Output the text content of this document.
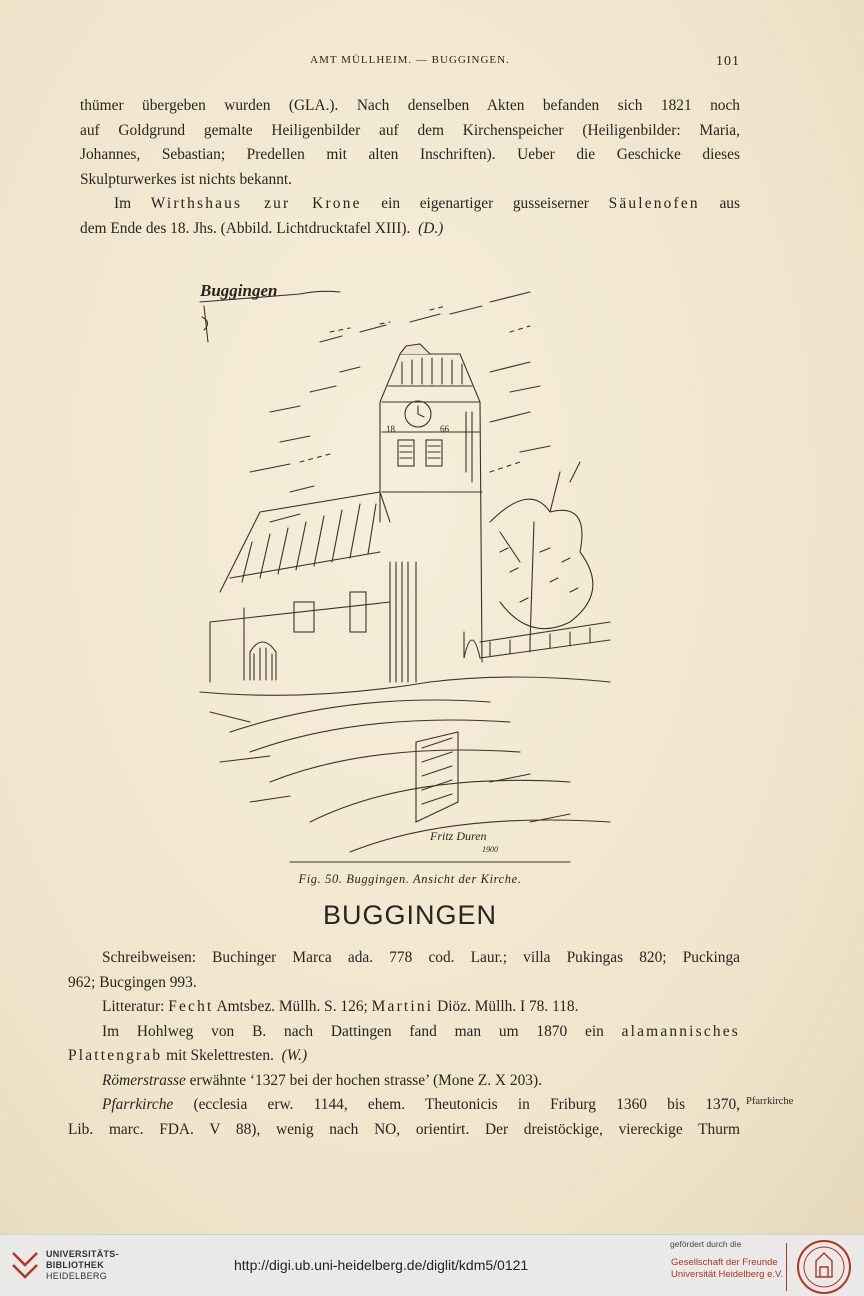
AMT MÜLLHEIM. — BUGGINGEN.	101

thümer übergeben wurden (GLA.). Nach denselben Akten befanden sich 1821 noch

auf Goldgrund gemalte Heiligenbilder auf dem Kirchenspeicher (Heiligenbilder: Maria,

Johannes, Sebastian; Predellen mit alten Inschriften). Ueber die Geschicke dieses

Skulpturwerkes ist nichts bekannt.

Im Wirthshaus zur Krone ein eigenartiger gusseiserner Säulenofen aus

dem Ende des 18. Jhs. (Abbild. Lichtdrucktafel XIII). (D.)

Buggingen
18	66
Fritz Duren
1900
Fig. 50. Buggingen. Ansicht der Kirche.
BUGGINGEN

Schreibweisen: Buchinger Marca ada. 778 cod. Laur.; villa Pukingas 820; Puckinga

962; Bucgingen 993.

Litteratur: Fecht Amtsbez. Müllh. S. 126; Martini Diöz. Müllh. I 78. 118.

Im Hohlweg von B. nach Dattingen fand man um 1870 ein alamannisches

Plattengrab mit Skelettresten. (W.)

Römerstrasse erwähnte ‘1327 bei der hochen strasse’ (Mone Z. X 203).

Pfarrkirche (ecclesia erw. 1144, ehem. Theutonicis in Friburg 1360 bis 1370,

Lib. marc. FDA. V 88), wenig nach NO, orientirt. Der dreistöckige, viereckige Thurm

Pfarrkirche
UNIVERSITÄTS-
BIBLIOTHEK
HEIDELBERG
http://digi.ub.uni-heidelberg.de/diglit/kdm5/0121
gefördert durch die
Gesellschaft der Freunde
Universität Heidelberg e.V.
